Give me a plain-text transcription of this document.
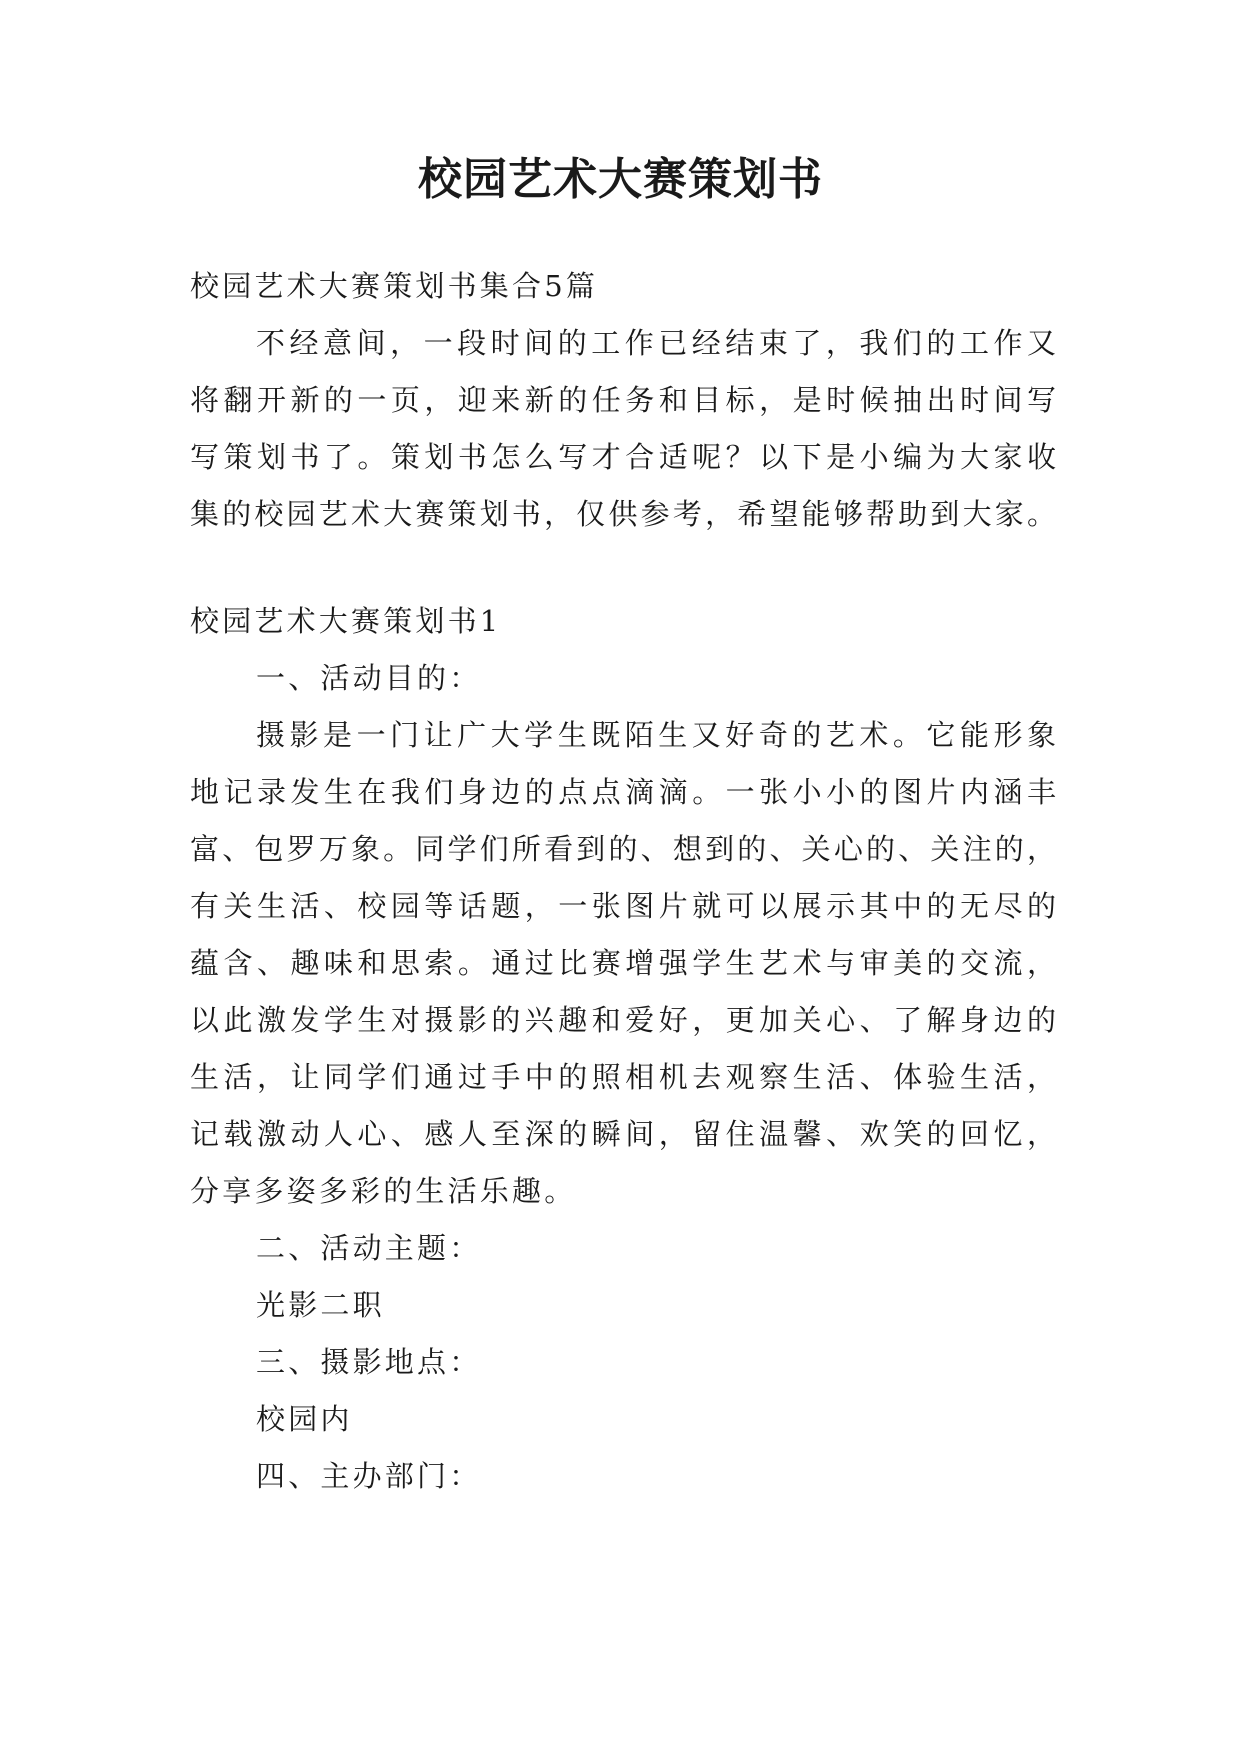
校园艺术大赛策划书
校园艺术大赛策划书集合5篇
不经意间，一段时间的工作已经结束了，我们的工作又
将翻开新的一页，迎来新的任务和目标，是时候抽出时间写
写策划书了。策划书怎么写才合适呢？以下是小编为大家收
集的校园艺术大赛策划书，仅供参考，希望能够帮助到大家。
校园艺术大赛策划书1
一、活动目的：
摄影是一门让广大学生既陌生又好奇的艺术。它能形象
地记录发生在我们身边的点点滴滴。一张小小的图片内涵丰
富、包罗万象。同学们所看到的、想到的、关心的、关注的，
有关生活、校园等话题，一张图片就可以展示其中的无尽的
蕴含、趣味和思索。通过比赛增强学生艺术与审美的交流，
以此激发学生对摄影的兴趣和爱好，更加关心、了解身边的
生活，让同学们通过手中的照相机去观察生活、体验生活，
记载激动人心、感人至深的瞬间，留住温馨、欢笑的回忆，
分享多姿多彩的生活乐趣。
二、活动主题：
光影二职
三、摄影地点：
校园内
四、主办部门：
